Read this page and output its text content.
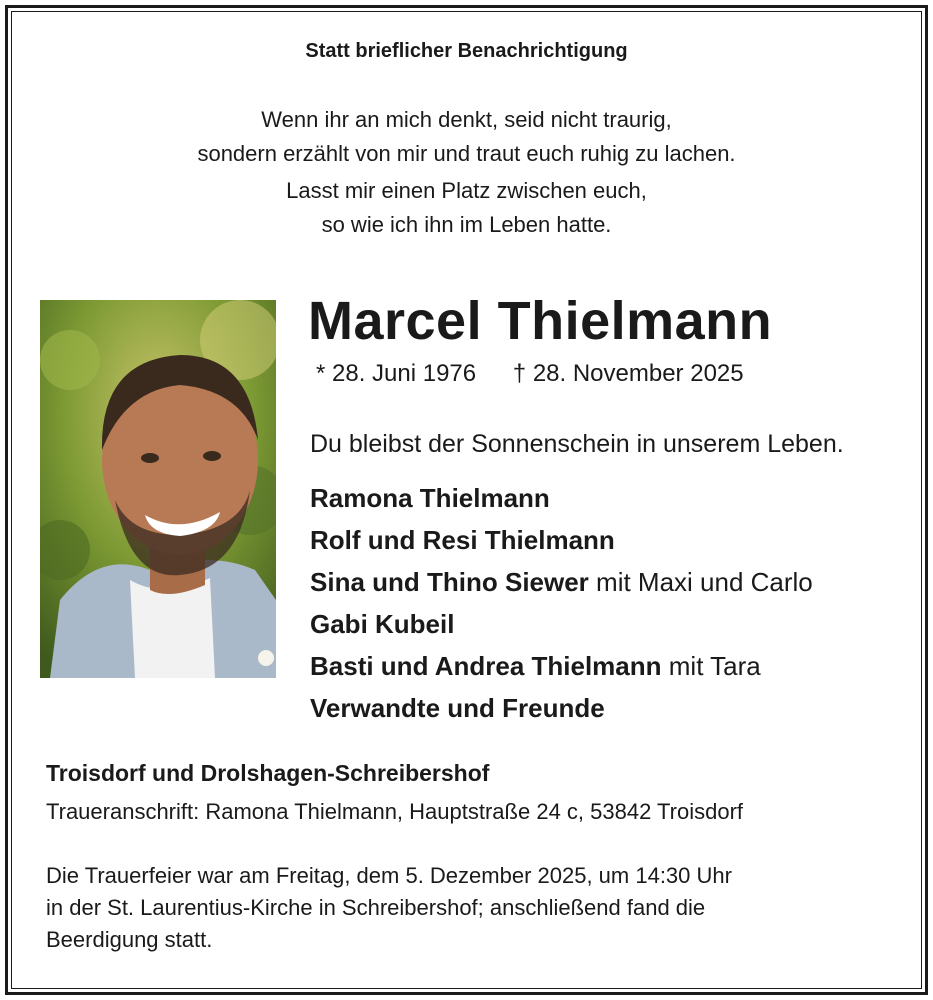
Statt brieflicher Benachrichtigung
Wenn ihr an mich denkt, seid nicht traurig,
sondern erzählt von mir und traut euch ruhig zu lachen.
Lasst mir einen Platz zwischen euch,
so wie ich ihn im Leben hatte.
Marcel Thielmann
* 28. Juni 1976 † 28. November 2025
Du bleibst der Sonnenschein in unserem Leben.
Ramona Thielmann
Rolf und Resi Thielmann
Sina und Thino Siewer mit Maxi und Carlo
Gabi Kubeil
Basti und Andrea Thielmann mit Tara
Verwandte und Freunde
Troisdorf und Drolshagen-Schreibershof
Traueranschrift: Ramona Thielmann, Hauptstraße 24 c, 53842 Troisdorf
Die Trauerfeier war am Freitag, dem 5. Dezember 2025, um 14:30 Uhr
in der St. Laurentius-Kirche in Schreibershof; anschließend fand die
Beerdigung statt.
